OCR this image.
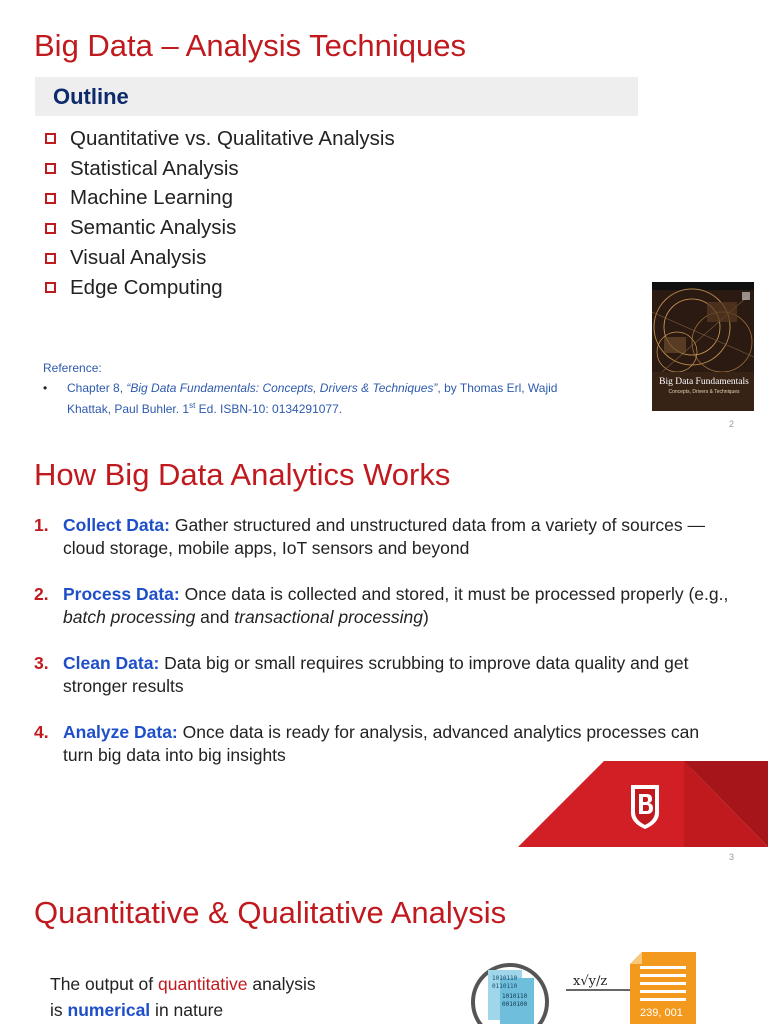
Big Data – Analysis Techniques
Outline
Quantitative vs. Qualitative Analysis
Statistical Analysis
Machine Learning
Semantic Analysis
Visual Analysis
Edge Computing
Reference:
• Chapter 8, “Big Data Fundamentals: Concepts, Drivers & Techniques”, by Thomas Erl, Wajid Khattak, Paul Buhler. 1st Ed. ISBN-10: 0134291077.
Big Data Fundamentals
Concepts, Drivers & Techniques
2
How Big Data Analytics Works
1. Collect Data: Gather structured and unstructured data from a variety of sources — cloud storage, mobile apps, IoT sensors and beyond
2. Process Data: Once data is collected and stored, it must be processed properly (e.g., batch processing and transactional processing)
3. Clean Data: Data big or small requires scrubbing to improve data quality and get stronger results
4. Analyze Data: Once data is ready for analysis, advanced analytics processes can turn big data into big insights
3
Quantitative & Qualitative Analysis
The output of quantitative analysis
is numerical in nature
1010110
0110110
1010110
0010100
x√y/z
239, 001
